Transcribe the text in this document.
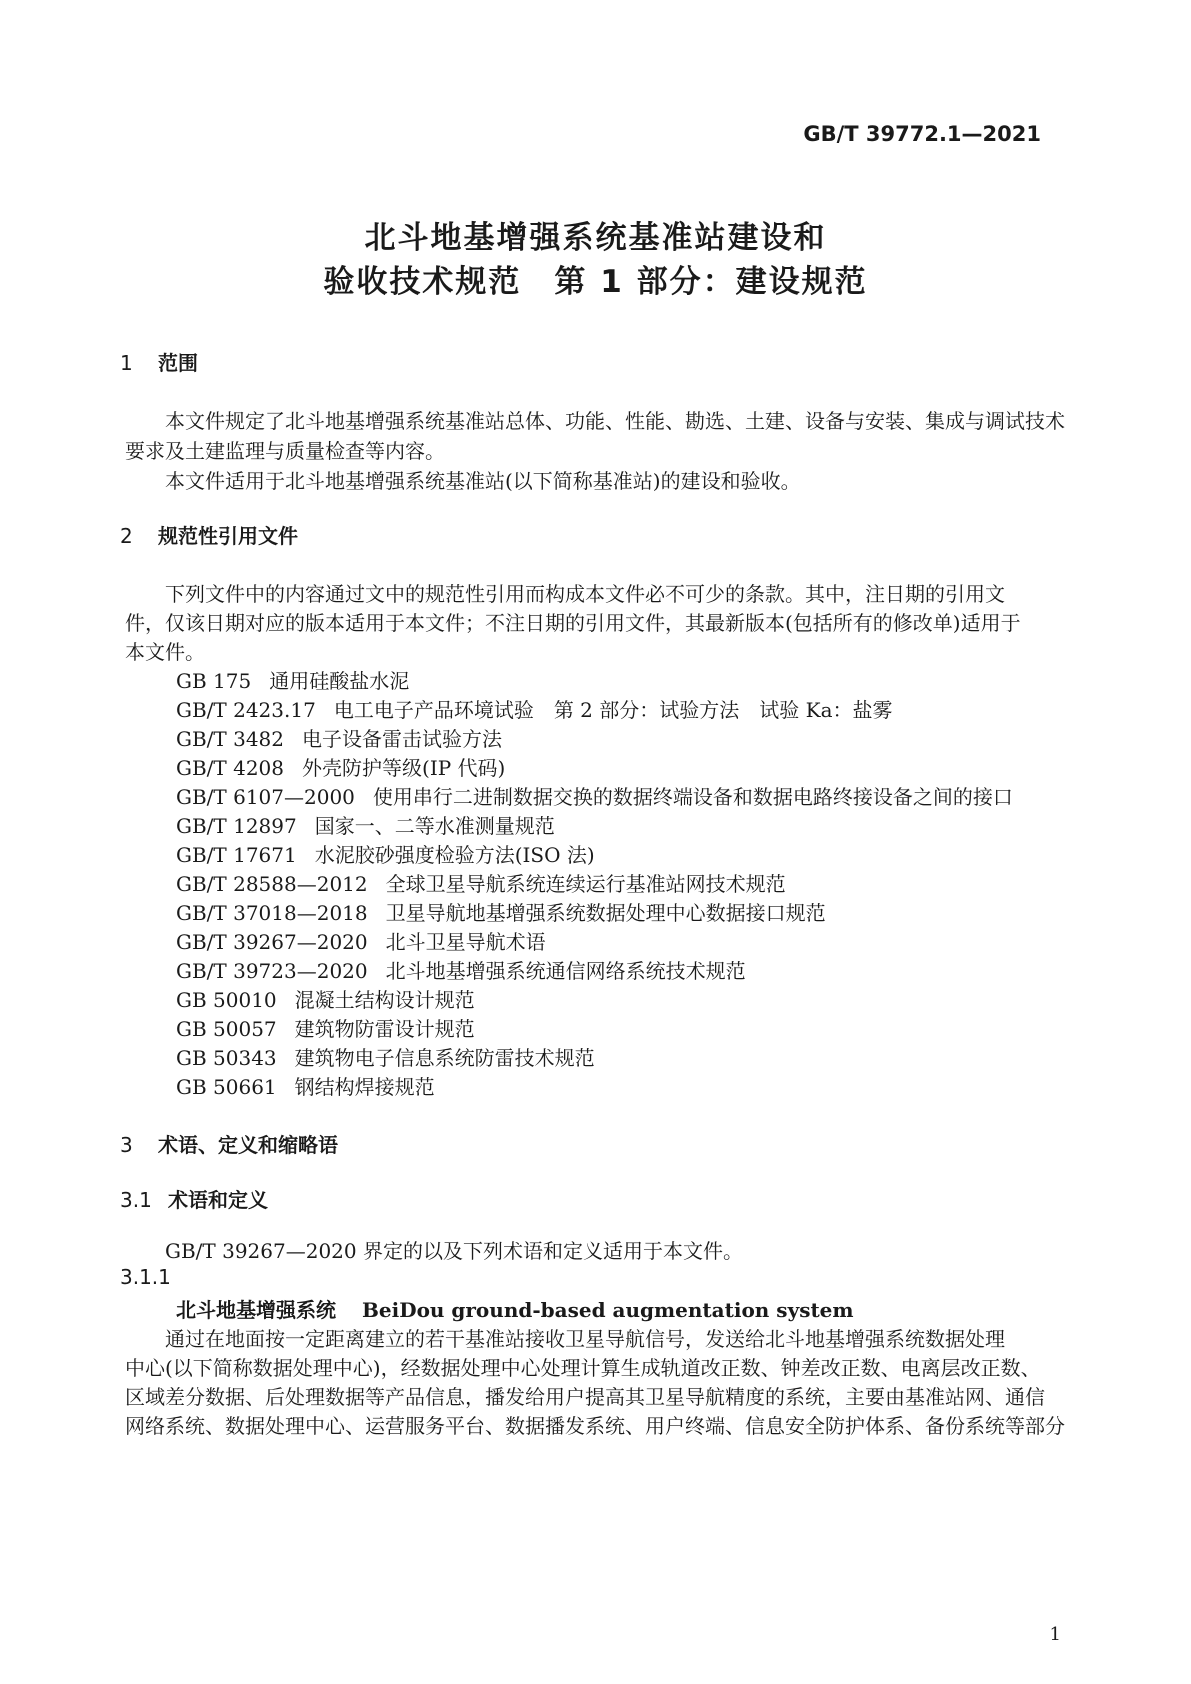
GB/T 39772.1—2021
北斗地基增强系统基准站建设和
验收技术规范　第 1 部分：建设规范
1 范围
本文件规定了北斗地基增强系统基准站总体、功能、性能、勘选、土建、设备与安装、集成与调试技术
要求及土建监理与质量检查等内容。
本文件适用于北斗地基增强系统基准站(以下简称基准站)的建设和验收。
2 规范性引用文件
下列文件中的内容通过文中的规范性引用而构成本文件必不可少的条款。其中，注日期的引用文
件，仅该日期对应的版本适用于本文件；不注日期的引用文件，其最新版本(包括所有的修改单)适用于
本文件。
GB 175 通用硅酸盐水泥
GB/T 2423.17 电工电子产品环境试验　第 2 部分：试验方法　试验 Ka：盐雾
GB/T 3482 电子设备雷击试验方法
GB/T 4208 外壳防护等级(IP 代码)
GB/T 6107—2000 使用串行二进制数据交换的数据终端设备和数据电路终接设备之间的接口
GB/T 12897 国家一、二等水准测量规范
GB/T 17671 水泥胶砂强度检验方法(ISO 法)
GB/T 28588—2012 全球卫星导航系统连续运行基准站网技术规范
GB/T 37018—2018 卫星导航地基增强系统数据处理中心数据接口规范
GB/T 39267—2020 北斗卫星导航术语
GB/T 39723—2020 北斗地基增强系统通信网络系统技术规范
GB 50010 混凝土结构设计规范
GB 50057 建筑物防雷设计规范
GB 50343 建筑物电子信息系统防雷技术规范
GB 50661 钢结构焊接规范
3 术语、定义和缩略语
3.1 术语和定义
GB/T 39267—2020 界定的以及下列术语和定义适用于本文件。
3.1.1
北斗地基增强系统 BeiDou ground-based augmentation system
通过在地面按一定距离建立的若干基准站接收卫星导航信号，发送给北斗地基增强系统数据处理
中心(以下简称数据处理中心)，经数据处理中心处理计算生成轨道改正数、钟差改正数、电离层改正数、
区域差分数据、后处理数据等产品信息，播发给用户提高其卫星导航精度的系统，主要由基准站网、通信
网络系统、数据处理中心、运营服务平台、数据播发系统、用户终端、信息安全防护体系、备份系统等部分
1
